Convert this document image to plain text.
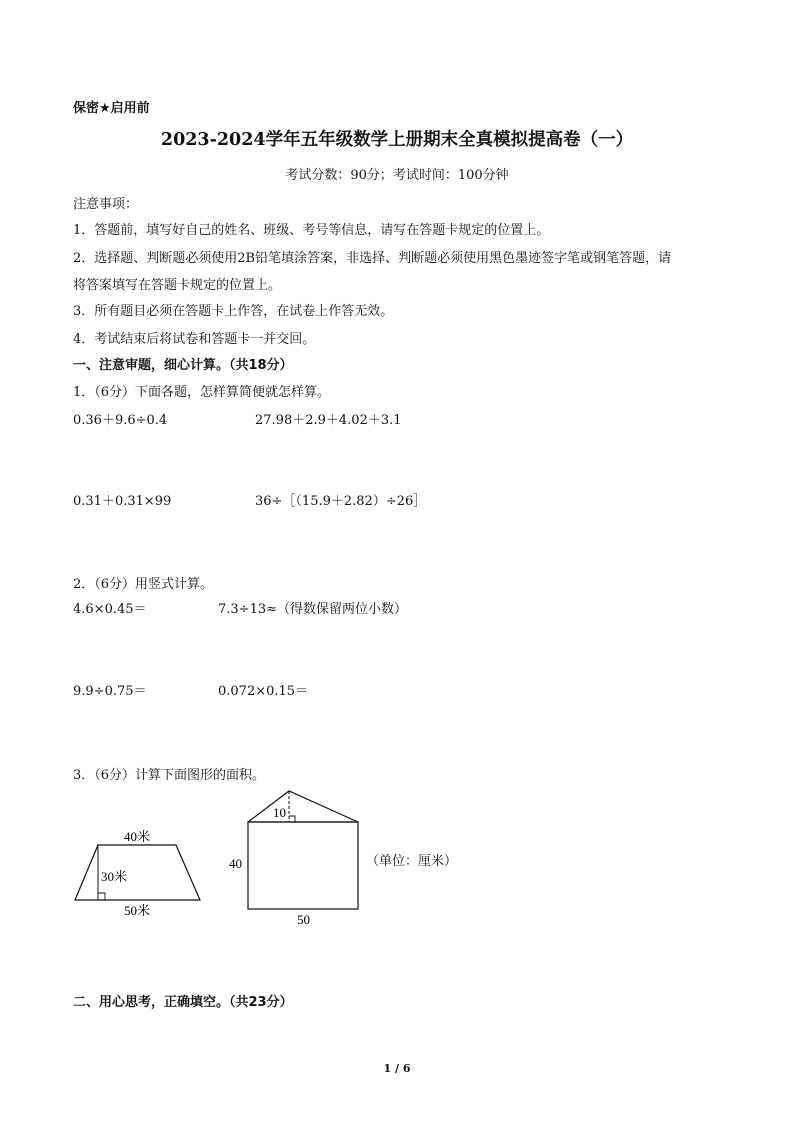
保密★启用前
2023-2024学年五年级数学上册期末全真模拟提高卷（一）
考试分数：90分；考试时间：100分钟
注意事项：
1．答题前，填写好自己的姓名、班级、考号等信息，请写在答题卡规定的位置上。
2．选择题、判断题必须使用2B铅笔填涂答案，非选择、判断题必须使用黑色墨迹签字笔或钢笔答题，请
将答案填写在答题卡规定的位置上。
3．所有题目必须在答题卡上作答，在试卷上作答无效。
4．考试结束后将试卷和答题卡一并交回。
一、注意审题，细心计算。（共18分）
1．（6分）下面各题，怎样算简便就怎样算。
0.36＋9.6÷0.4	27.98＋2.9＋4.02＋3.1
0.31＋0.31×99	36÷［（15.9＋2.82）÷26］
2．（6分）用竖式计算。
4.6×0.45＝	7.3÷13≈（得数保留两位小数）
9.9÷0.75＝	0.072×0.15＝
3．（6分）计算下面图形的面积。
40米
30米
50米
10
40
50
（单位：厘米）
二、用心思考，正确填空。（共23分）
1 / 6
